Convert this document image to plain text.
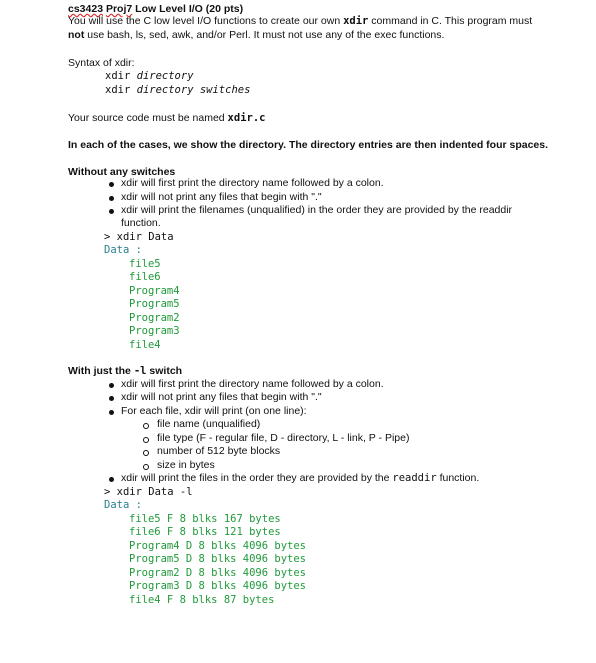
cs3423 Proj7 Low Level I/O (20 pts)
You will use the C low level I/O functions to create our own xdir command in C. This program must
not use bash, ls, sed, awk, and/or Perl. It must not use any of the exec functions.
Syntax of xdir:
xdir directory
xdir directory switches
Your source code must be named xdir.c
In each of the cases, we show the directory. The directory entries are then indented four spaces.
Without any switches
xdir will first print the directory name followed by a colon.
xdir will not print any files that begin with "."
xdir will print the filenames (unqualified) in the order they are provided by the readdir
function.
> xdir Data
Data :
file5
file6
Program4
Program5
Program2
Program3
file4
With just the -l switch
xdir will first print the directory name followed by a colon.
xdir will not print any files that begin with "."
For each file, xdir will print (on one line):
file name (unqualified)
file type (F - regular file, D - directory, L - link, P - Pipe)
number of 512 byte blocks
size in bytes
xdir will print the files in the order they are provided by the readdir function.
> xdir Data -l
Data :
file5 F 8 blks 167 bytes
file6 F 8 blks 121 bytes
Program4 D 8 blks 4096 bytes
Program5 D 8 blks 4096 bytes
Program2 D 8 blks 4096 bytes
Program3 D 8 blks 4096 bytes
file4 F 8 blks 87 bytes
